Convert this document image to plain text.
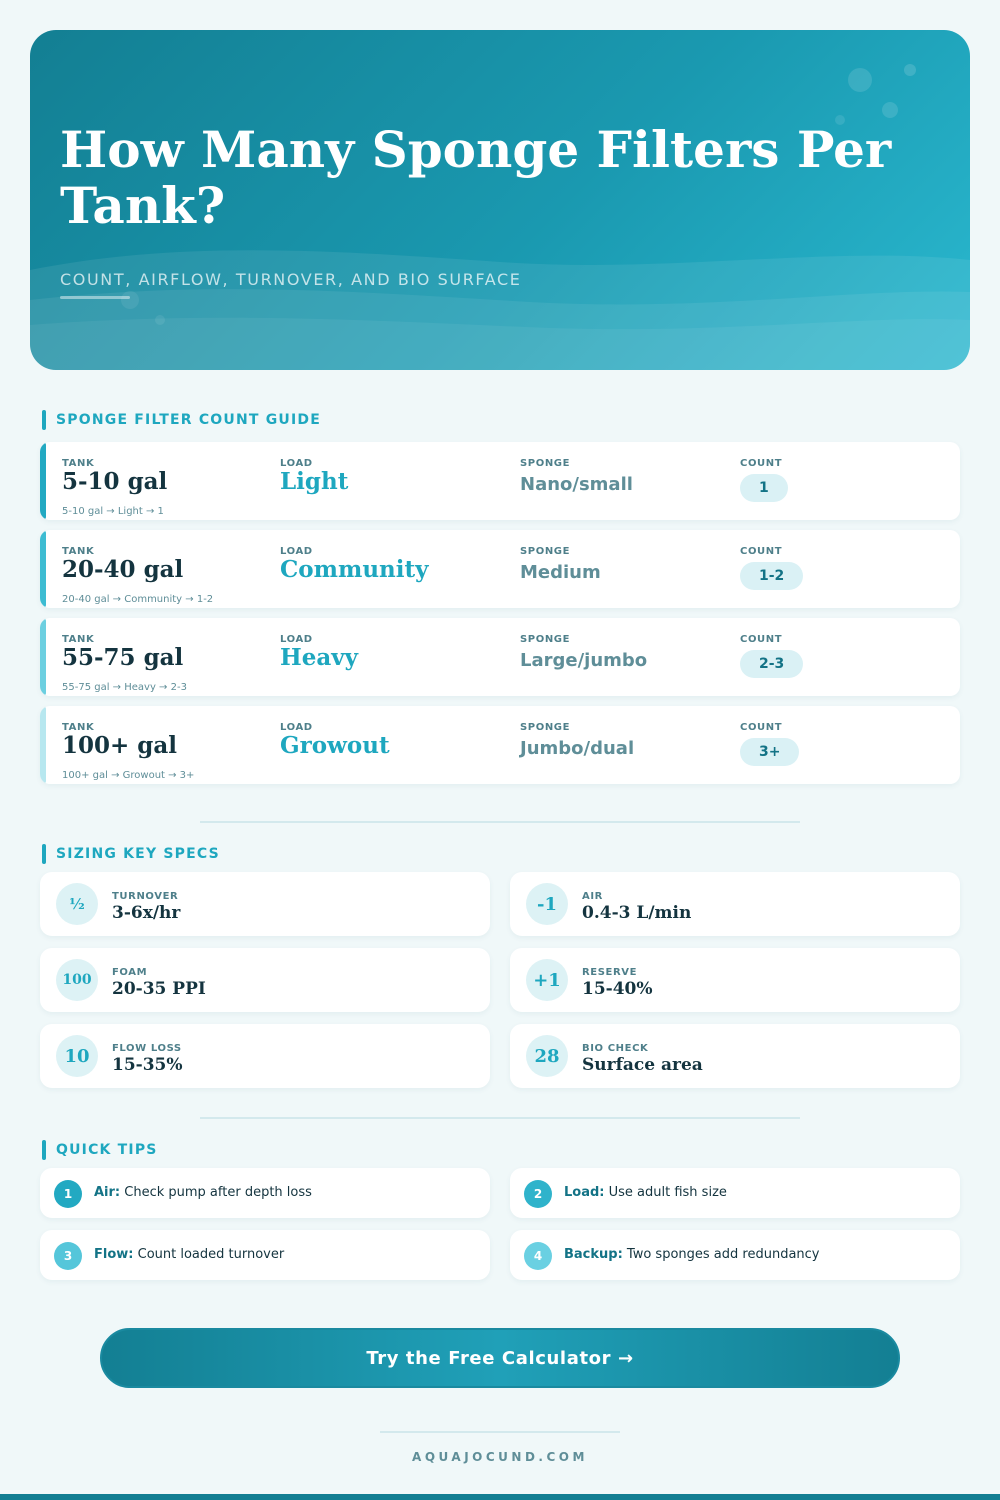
How Many Sponge Filters Per Tank?
COUNT, AIRFLOW, TURNOVER, AND BIO SURFACE
SPONGE FILTER COUNT GUIDE
TANK	LOAD	SPONGE	COUNT
5-10 gal	Light	Nano/small	1
5-10 gal → Light → 1
TANK	LOAD	SPONGE	COUNT
20-40 gal	Community	Medium	1-2
20-40 gal → Community → 1-2
TANK	LOAD	SPONGE	COUNT
55-75 gal	Heavy	Large/jumbo	2-3
55-75 gal → Heavy → 2-3
TANK	LOAD	SPONGE	COUNT
100+ gal	Growout	Jumbo/dual	3+
100+ gal → Growout → 3+
SIZING KEY SPECS
½	TURNOVER
3-6x/hr	-1	AIR
0.4-3 L/min
100	FOAM
20-35 PPI	+1	RESERVE
15-40%
10	FLOW LOSS
15-35%	28	BIO CHECK
Surface area
QUICK TIPS
1	Air: Check pump after depth loss	2	Load: Use adult fish size
3	Flow: Count loaded turnover	4	Backup: Two sponges add redundancy
Try the Free Calculator →
AQUAJOCUND.COM
